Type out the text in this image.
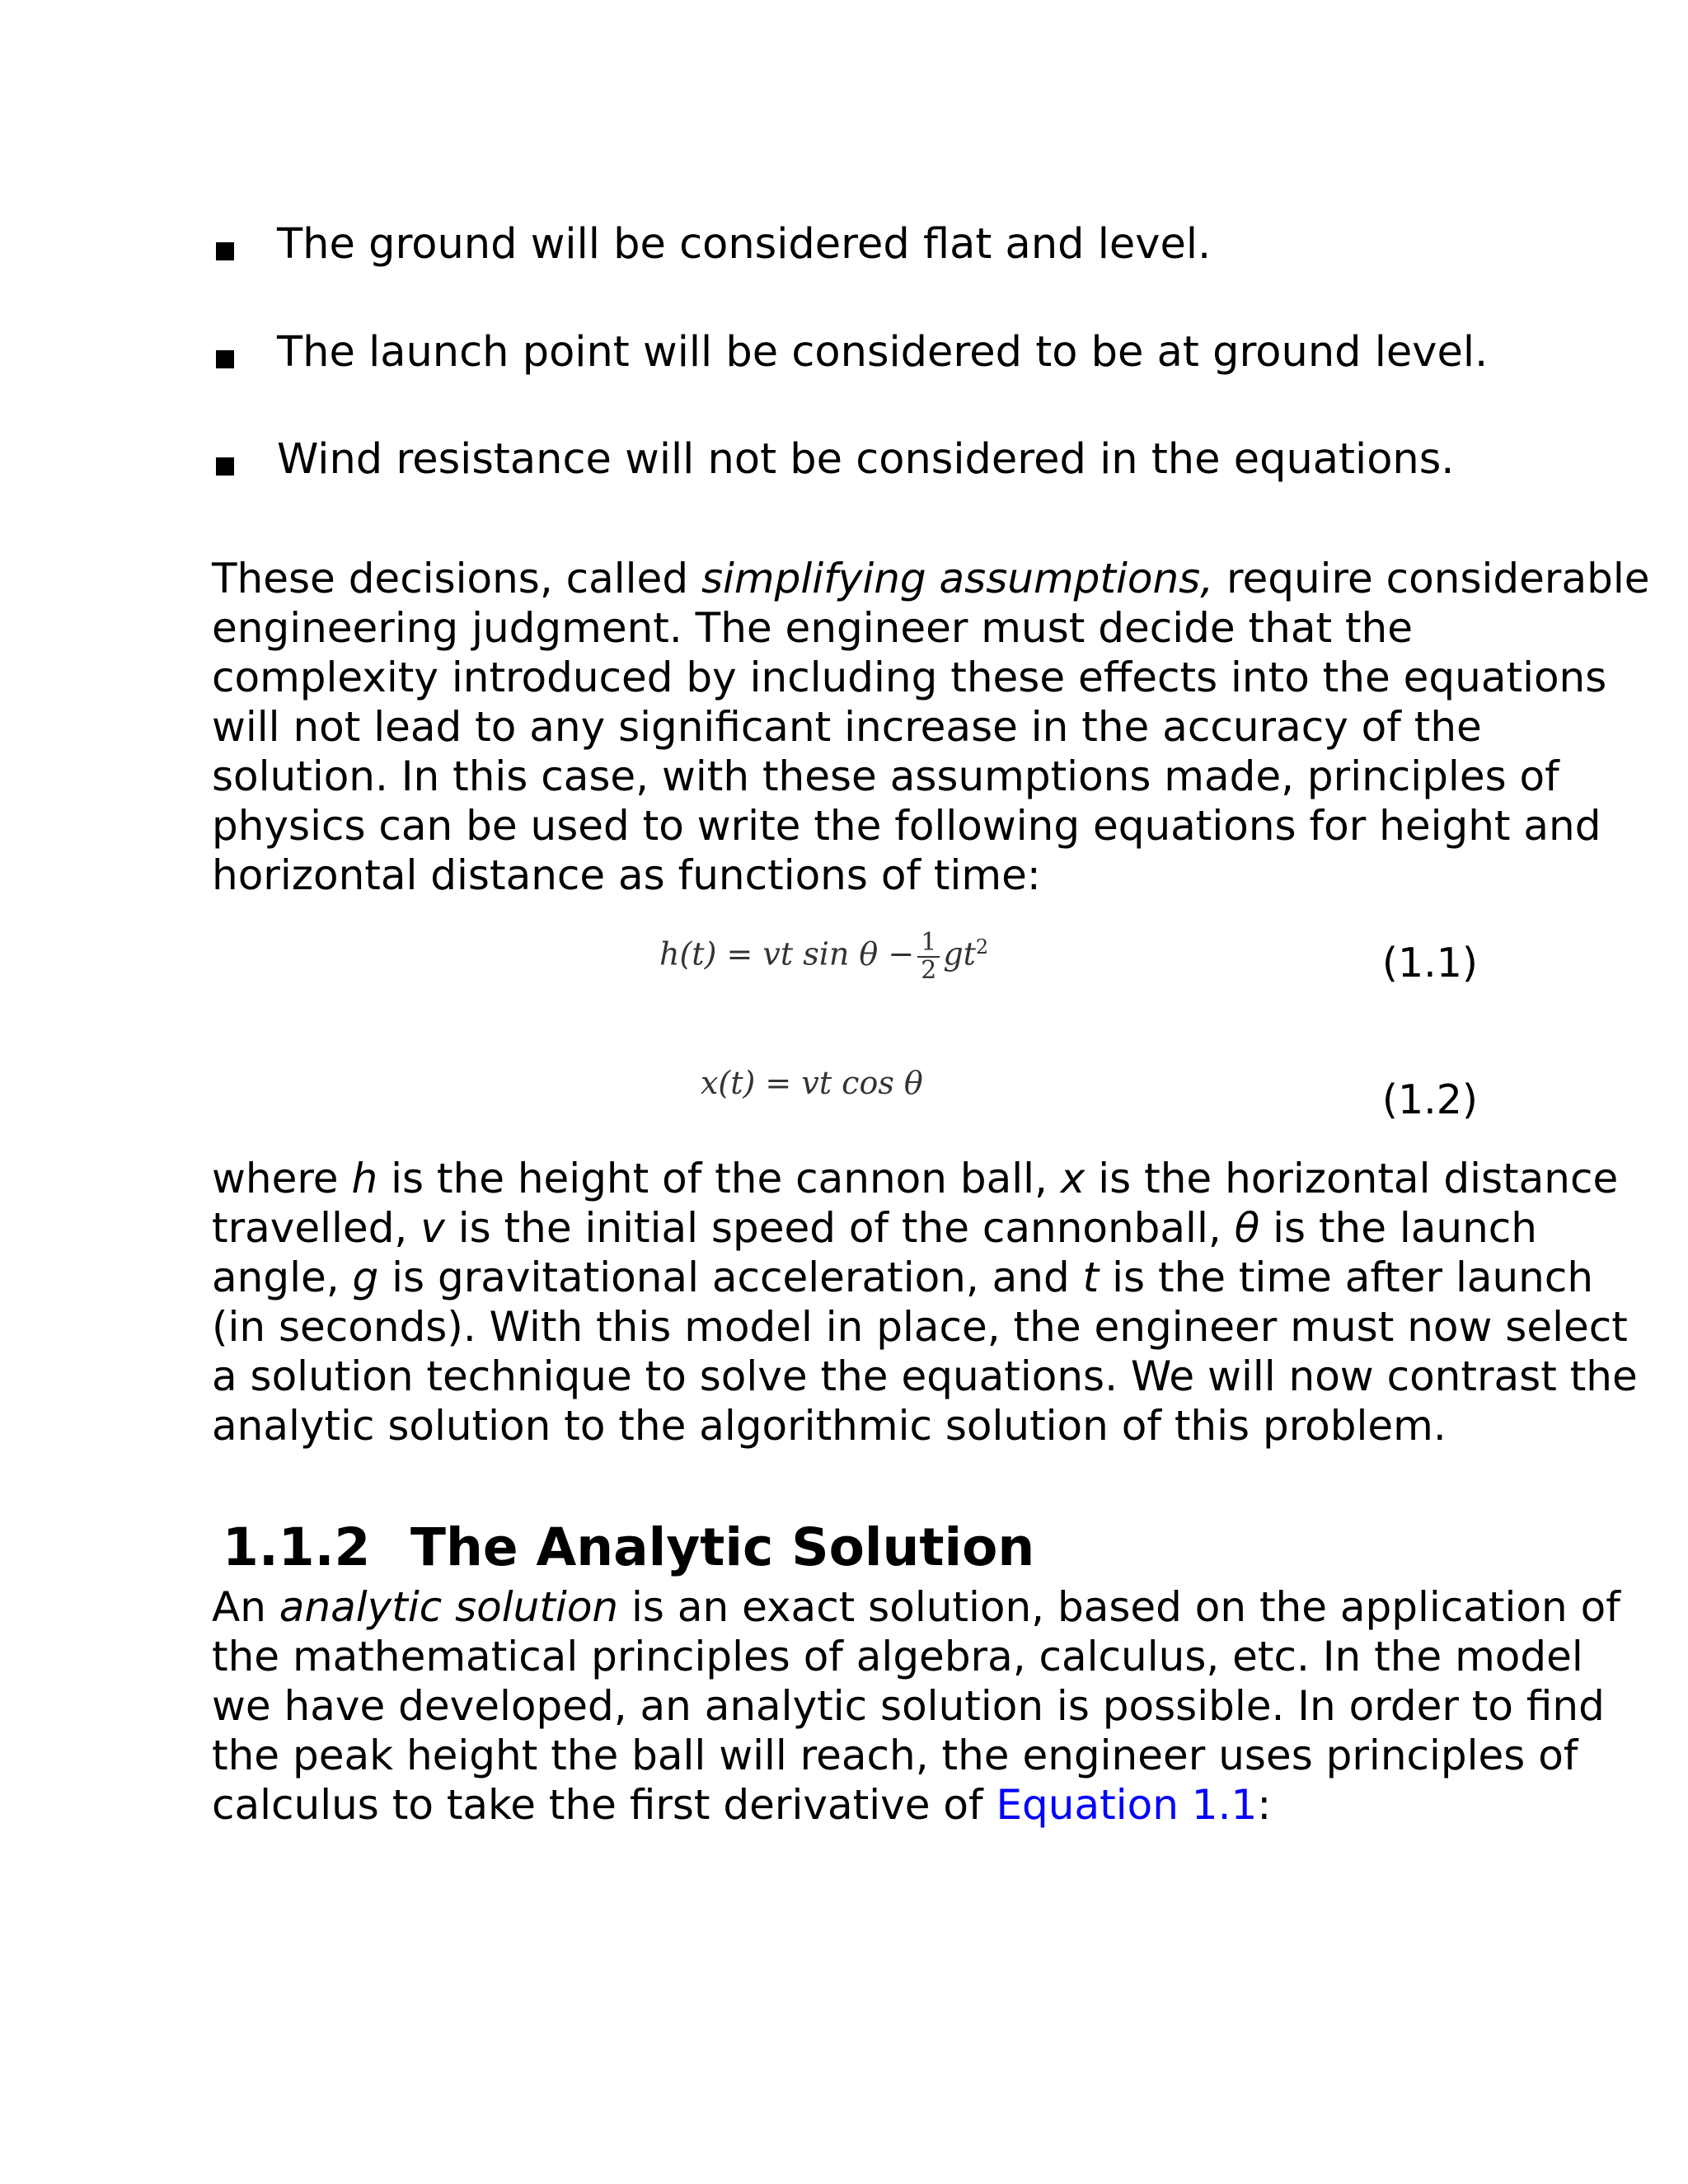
The ground will be considered flat and level.
The launch point will be considered to be at ground level.
Wind resistance will not be considered in the equations.
These decisions, called simplifying assumptions, require considerable
engineering judgment. The engineer must decide that the
complexity introduced by including these effects into the equations
will not lead to any significant increase in the accuracy of the
solution. In this case, with these assumptions made, principles of
physics can be used to write the following equations for height and
horizontal distance as functions of time:
h(t) = vt $\sin \theta - \frac{1}{2} gt^2$	(1.1)
x(t) = vt cos θ	(1.2)
where h is the height of the cannon ball, x is the horizontal distance
travelled, v is the initial speed of the cannonball, θ is the launch
angle, g is gravitational acceleration, and t is the time after launch
(in seconds). With this model in place, the engineer must now select
a solution technique to solve the equations. We will now contrast the
analytic solution to the algorithmic solution of this problem.
1.1.2 The Analytic Solution
An analytic solution is an exact solution, based on the application of
the mathematical principles of algebra, calculus, etc. In the model
we have developed, an analytic solution is possible. In order to find
the peak height the ball will reach, the engineer uses principles of
calculus to take the first derivative of Equation 1.1:
